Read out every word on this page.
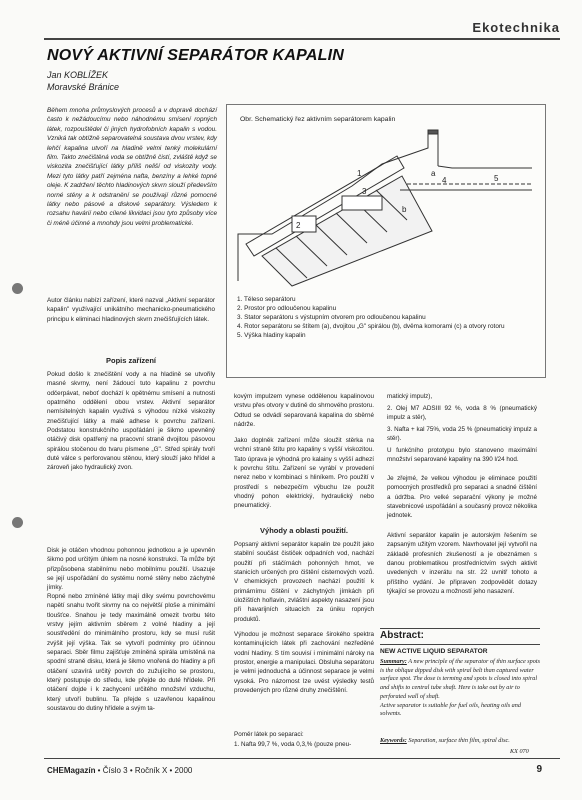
Ekotechnika
NOVÝ AKTIVNÍ SEPARÁTOR KAPALIN
Jan KOBLÍŽEK
Moravské Bránice
Během mnoha průmyslových procesů a v dopravě dochází často k nežádoucímu nebo náhodnému smísení ropných látek, rozpouštědel či jiných hydrofobních kapalin s vodou. Vzniká tak obtížně separovatelná soustava dvou vrstev, kdy lehčí kapalina utvoří na hladině velmi tenký molekulární film. Takto znečištěná voda se obtížně čistí, zvláště když se viskozita znečišťující látky příliš neliší od viskozity vody. Mezi tyto látky patří zejména nafta, benzíny a lehké topné oleje. K zadržení těchto hladinových skvrn slouží především norné stěny a k odstranění se používají různé pomocné látky nebo pásové a diskové separátory. Výsledem k rozsahu havárií nebo cílené likvidaci jsou tyto způsoby více či méně účinné a mnohdy jsou velmi problematické.
Autor článku nabízí zařízení, které nazval „Aktivní separátor kapalin" využívající unikátního mechanicko-pneumatického principu k eliminaci hladinových skvrn znečišťujících látek.
Popis zařízení
Pokud došlo k znečištění vody a na hladině se utvořily masné skvrny, není žádoucí tuto kapalinu z povrchu odčerpávat, neboť dochází k opětnému smísení a nutnosti opatrného oddělení obou vrstev. Aktivní separátor nemísitelných kapalin využívá s výhodou nízké viskozity znečišťující látky a malé adhese k povrchu zařízení. Podstatou konstrukčního uspořádání je šikmo upevněný otáčivý disk opatřený na pracovní straně dvojitou pásovou spirálou stočenou do tvaru písmene „G". Střed spirály tvoří duté válce s perforovanou stěnou, který slouží jako hřídel a zároveň jako hydraulický zvon.
Disk je otáčen vhodnou pohonnou jednotkou a je upevněn šikmo pod určitým úhlem na nosné konstrukci. Ta může být přizpůsobena stabilnímu nebo mobilnímu použití. Usazuje se její uspořádání do systému norné stěny nebo záchytné jímky.
Ropné nebo zmíněné látky mají díky svému povrchovému napětí snahu tvořit skvrny na co největší ploše a minimální tloušťce. Snahou je tedy maximálně omezit tvorbu této vrstvy jejím aktivním sběrem z volné hladiny a její soustředění do minimálního prostoru, kdy se musí rušit zvýšit její výška. Tak se vytvoří podmínky pro účinnou separaci. Sběr filmu zajišťuje zmíněná spirála umístěná na spodní straně disku, která je šikmo vnořená do hladiny a při otáčení uzavírá určitý povrch do zužujícího se prostoru, který postupuje do středu, kde přejde do duté hřídele. Při otáčení dojde i k zachycení určitého množství vzduchu, který utvoří bublinu. Ta přejde s uzavřenou kapalinou soustavou do dutiny hřídele a svým ta-
Obr. Schematický řez aktivním separátorem kapalin
1
2
3
4	5
a
b
1. Těleso separátoru
2. Prostor pro odloučenou kapalinu
3. Stator separátoru s výstupním otvorem pro odloučenou kapalinu
4. Rotor separátoru se štítem (a), dvojitou „G" spirálou (b), dvěma komorami (c) a otvory rotoru
5. Výška hladiny kapalin
kovým impulzem vynese oddělenou kapalinovou vrstvu přes otvory v dutině do shrnového prostoru. Odtud se odvádí separovaná kapalina do sběrné nádrže.
Jako doplněk zařízení může sloužit stěrka na vrchní straně štítu pro kapaliny s vyšší viskozitou. Tato úprava je výhodná pro kalainy s vyšší adhezí k povrchu štítu. Zařízení se vyrábí v provedení nerez nebo v kombinaci s hliníkem. Pro použití v prostředí s nebezpečím výbuchu lze použít vhodný pohon elektrický, hydraulický nebo pneumatický.
Výhody a oblasti použití.
Popsaný aktivní separátor kapalin lze použít jako stabilní součást čističek odpadních vod, nachází použití při stáčírnách pohonných hmot, ve stanicích určených pro čištění cisternových vozů. V chemických provozech nachází použití k primárnímu čištění v záchytných jímkách při úložištích hořlavin, zvláštní aspekty nasazení jsou při havarijních situacích za úniku ropných produktů.
Výhodou je možnost separace širokého spektra kontaminujících látek při zachování nezředěné vodní hladiny. S tím souvisí i minimální nároky na prostor, energie a manipulaci. Obsluha separátoru je velmi jednoduchá a účinnost separace je velmi vysoká. Pro názornost lze uvést výsledky testů provedených pro různé druhy znečištění.
Poměr látek po separaci:
1. Nafta 99,7 %, voda 0,3,% (pouze pneu-
matický impulz),
2. Olej M7 ADSIII 92 %, voda 8 % (pneumatický impulz a stěr),
3. Nafta + kal 75%, voda 25 % (pneumatický impulz a stěr).
U funkčního prototypu bylo stanoveno maximální množství separované kapaliny na 390 l/24 hod.
Je zřejmé, že velkou výhodou je eliminace použití pomocných prostředků pro separaci a snadné čištění a údržba. Pro velké separační výkony je možné stavebnicové uspořádání a současný provoz několika jednotek.
Aktivní separátor kapalin je autorským řešením se zapsaným užitým vzorem. Navrhovatel její vytvořil na základě profesních zkušeností a je obeznámen s danou problematikou prostředníctvím svých aktivit uvedených v inzerátu na str. 22 uvnitř tohoto a příštího vydání. Je připraven zodpovědět dotazy týkající se provozu a možností jeho nasazení.
Abstract:
NEW ACTIVE LIQUID SEPARATOR
Summary: A new principle of the separator of thin surface spots is the oblique dipped disk with spiral belt than captured water surface spot. The dose is terming and spots is closed into spiral and shifts to central tube shaft. Here is take out by air to perforated wall of shaft.
Active separator is suitable for fuel oils, heating oils and solvents.
Keywords: Separation, surface thin film, spiral disc.
KX 070
CHEMagazín • Číslo 3 • Ročník X • 2000	9
